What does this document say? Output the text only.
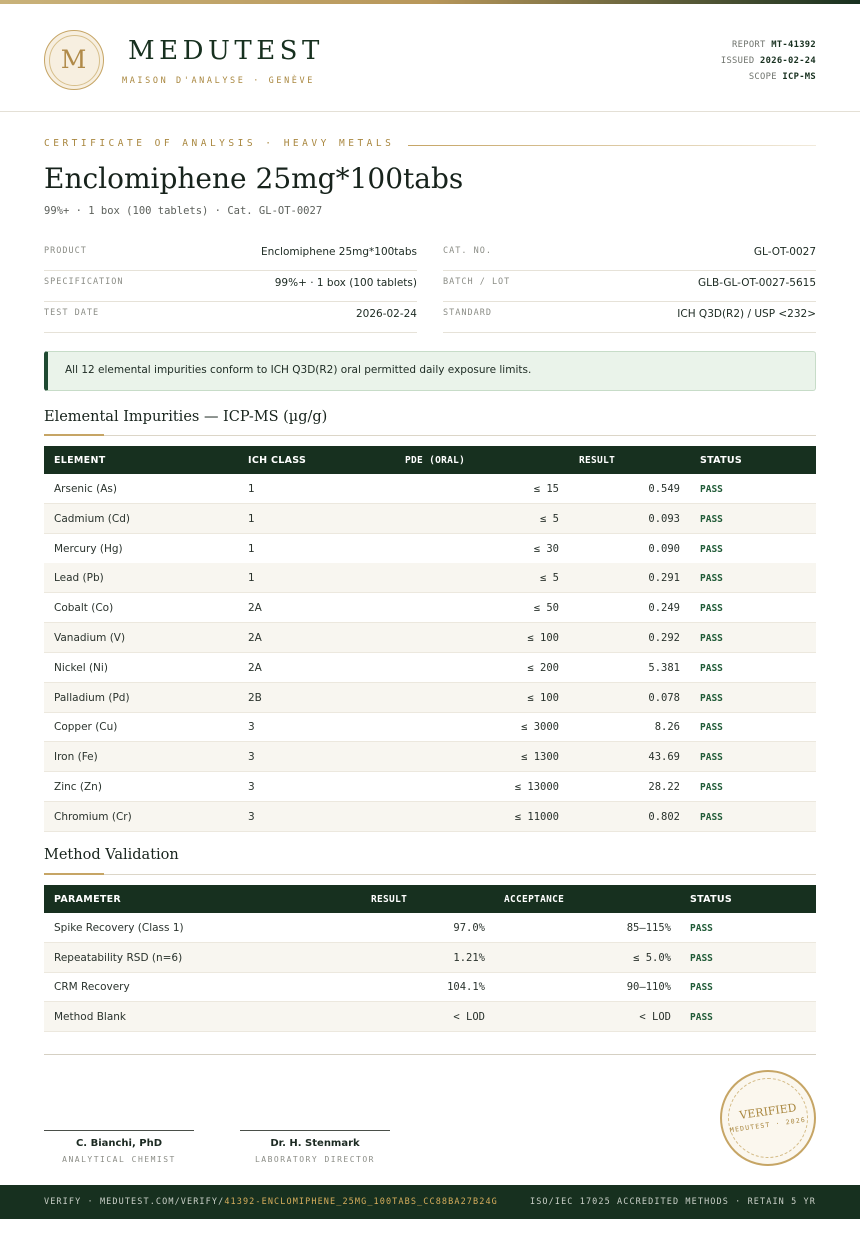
M	MEDUTEST
MAISON D'ANALYSE · GENÈVE
REPORT MT-41392
ISSUED 2026-02-24
SCOPE ICP-MS
CERTIFICATE OF ANALYSIS · HEAVY METALS
Enclomiphene 25mg*100tabs
99%+ · 1 box (100 tablets) · Cat. GL-OT-0027
PRODUCT	Enclomiphene 25mg*100tabs
SPECIFICATION	99%+ · 1 box (100 tablets)
TEST DATE	2026-02-24
CAT. NO.	GL-OT-0027
BATCH / LOT	GLB-GL-OT-0027-5615
STANDARD	ICH Q3D(R2) / USP <232>
All 12 elemental impurities conform to ICH Q3D(R2) oral permitted daily exposure limits.
Elemental Impurities — ICP-MS (µg/g)
ELEMENT	ICH CLASS	PDE (ORAL)	RESULT	STATUS
Arsenic (As)	1	≤ 15	0.549 PASS
Cadmium (Cd)	1	≤ 5	0.093 PASS
Mercury (Hg)	1	≤ 30	0.090 PASS
Lead (Pb)	1	≤ 5	0.291 PASS
Cobalt (Co)	2A	≤ 50	0.249 PASS
Vanadium (V)	2A	≤ 100	0.292 PASS
Nickel (Ni)	2A	≤ 200	5.381 PASS
Palladium (Pd)	2B	≤ 100	0.078 PASS
Copper (Cu)	3	≤ 3000	8.26 PASS
Iron (Fe)	3	≤ 1300	43.69 PASS
Zinc (Zn)	3	≤ 13000	28.22 PASS
Chromium (Cr)	3	≤ 11000	0.802 PASS
Method Validation
PARAMETER	RESULT	ACCEPTANCE	STATUS
Spike Recovery (Class 1)	97.0%	85–115% PASS
Repeatability RSD (n=6)	1.21%	≤ 5.0% PASS
CRM Recovery	104.1%	90–110% PASS
Method Blank	< LOD	< LOD PASS
C. Bianchi, PhD
ANALYTICAL CHEMIST
Dr. H. Stenmark
LABORATORY DIRECTOR
VERIFIED
MEDUTEST · 2026
VERIFY · MEDUTEST.COM/VERIFY/41392-ENCLOMIPHENE_25MG_100TABS_CC88BA27B24G	ISO/IEC 17025 ACCREDITED METHODS · RETAIN 5 YR
